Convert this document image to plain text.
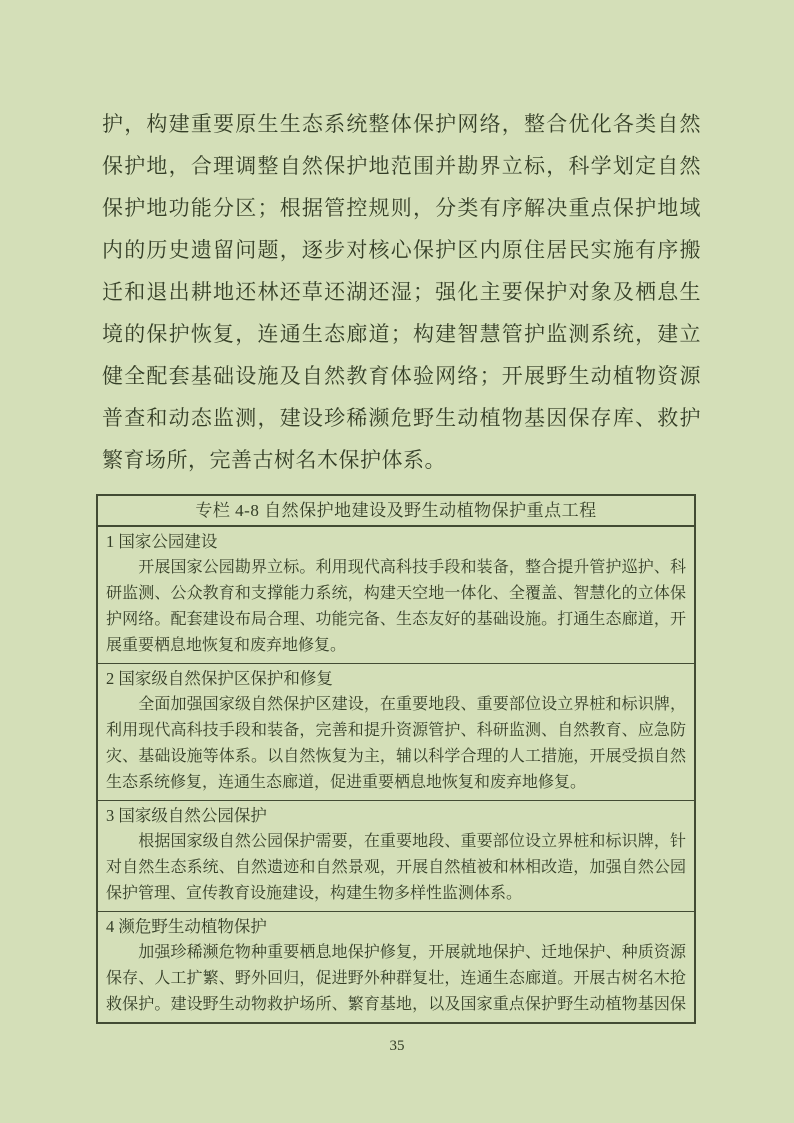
护，构建重要原生生态系统整体保护网络，整合优化各类自然
保护地，合理调整自然保护地范围并勘界立标，科学划定自然
保护地功能分区；根据管控规则，分类有序解决重点保护地域
内的历史遗留问题，逐步对核心保护区内原住居民实施有序搬
迁和退出耕地还林还草还湖还湿；强化主要保护对象及栖息生
境的保护恢复，连通生态廊道；构建智慧管护监测系统，建立
健全配套基础设施及自然教育体验网络；开展野生动植物资源
普查和动态监测，建设珍稀濒危野生动植物基因保存库、救护
繁育场所，完善古树名木保护体系。
专栏 4-8 自然保护地建设及野生动植物保护重点工程
1 国家公园建设
　　开展国家公园勘界立标。利用现代高科技手段和装备，整合提升管护巡护、科
研监测、公众教育和支撑能力系统，构建天空地一体化、全覆盖、智慧化的立体保
护网络。配套建设布局合理、功能完备、生态友好的基础设施。打通生态廊道，开
展重要栖息地恢复和废弃地修复。
2 国家级自然保护区保护和修复
　　全面加强国家级自然保护区建设，在重要地段、重要部位设立界桩和标识牌，
利用现代高科技手段和装备，完善和提升资源管护、科研监测、自然教育、应急防
灾、基础设施等体系。以自然恢复为主，辅以科学合理的人工措施，开展受损自然
生态系统修复，连通生态廊道，促进重要栖息地恢复和废弃地修复。
3 国家级自然公园保护
　　根据国家级自然公园保护需要，在重要地段、重要部位设立界桩和标识牌，针
对自然生态系统、自然遗迹和自然景观，开展自然植被和林相改造，加强自然公园
保护管理、宣传教育设施建设，构建生物多样性监测体系。
4 濒危野生动植物保护
　　加强珍稀濒危物种重要栖息地保护修复，开展就地保护、迁地保护、种质资源
保存、人工扩繁、野外回归，促进野外种群复壮，连通生态廊道。开展古树名木抢
救保护。建设野生动物救护场所、繁育基地，以及国家重点保护野生动植物基因保
35
